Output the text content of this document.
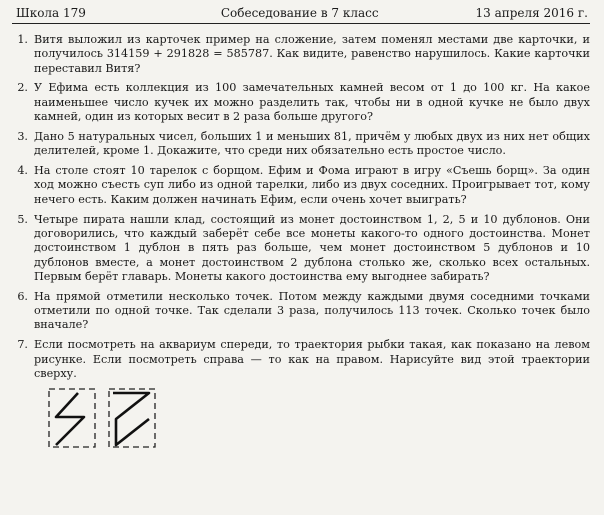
Школа 179	Собеседование в 7 класс	13 апреля 2016 г.
1. Витя выложил из карточек пример на сложение, затем поменял местами две карточки, и получилось 314159 + 291828 = 585787. Как видите, равенство нарушилось. Какие карточки переставил Витя?
2. У Ефима есть коллекция из 100 замечательных камней весом от 1 до 100 кг. На какое наименьшее число кучек их можно разделить так, чтобы ни в одной кучке не было двух камней, один из которых весит в 2 раза больше другого?
3. Дано 5 натуральных чисел, больших 1 и меньших 81, причём у любых двух из них нет общих делителей, кроме 1. Докажите, что среди них обязательно есть простое число.
4. На столе стоят 10 тарелок с борщом. Ефим и Фома играют в игру «Съешь борщ». За один ход можно съесть суп либо из одной тарелки, либо из двух соседних. Проигрывает тот, кому нечего есть. Каким должен начинать Ефим, если очень хочет выиграть?
5. Четыре пирата нашли клад, состоящий из монет достоинством 1, 2, 5 и 10 дублонов. Они договорились, что каждый заберёт себе все монеты какого-то одного достоинства. Монет достоинством 1 дублон в пять раз больше, чем монет достоинством 5 дублонов и 10 дублонов вместе, а монет достоинством 2 дублона столько же, сколько всех остальных. Первым берёт главарь. Монеты какого достоинства ему выгоднее забирать?
6. На прямой отметили несколько точек. Потом между каждыми двумя соседними точками отметили по одной точке. Так сделали 3 раза, получилось 113 точек. Сколько точек было вначале?
7. Если посмотреть на аквариум спереди, то траектория рыбки такая, как показано на левом рисунке. Если посмотреть справа — то как на правом. Нарисуйте вид этой траектории сверху.
